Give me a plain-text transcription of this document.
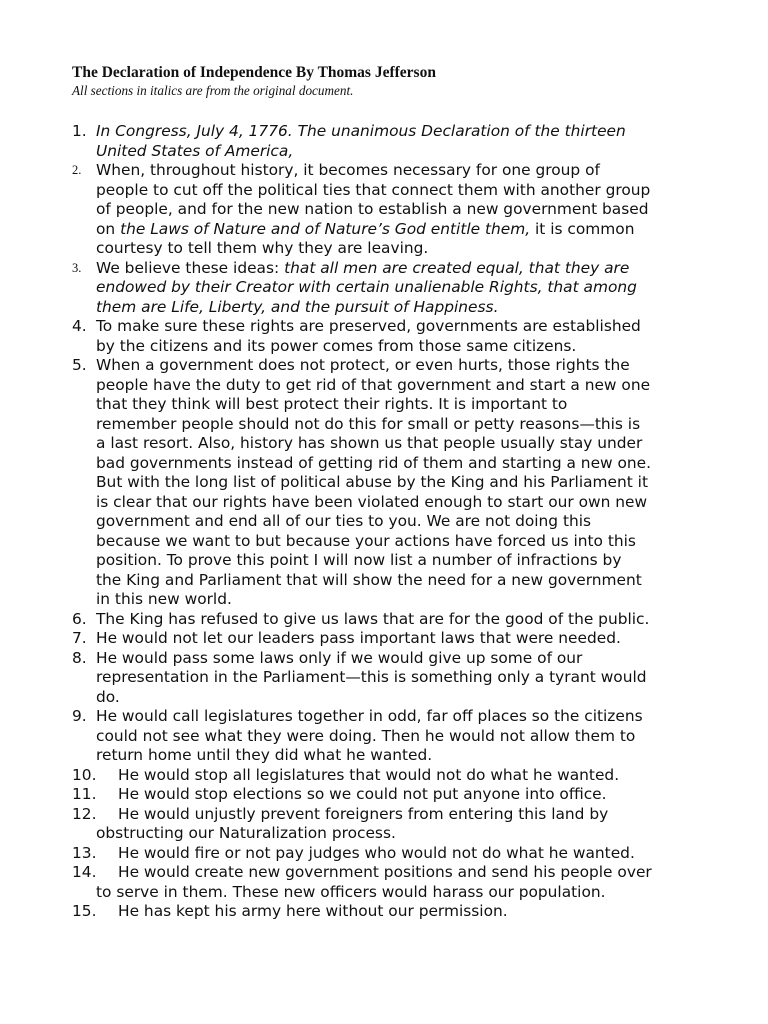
The Declaration of Independence By Thomas Jefferson
All sections in italics are from the original document.
1. In Congress, July 4, 1776. The unanimous Declaration of the thirteen
United States of America,
2. When, throughout history, it becomes necessary for one group of
people to cut off the political ties that connect them with another group
of people, and for the new nation to establish a new government based
on the Laws of Nature and of Nature’s God entitle them, it is common
courtesy to tell them why they are leaving.
3. We believe these ideas: that all men are created equal, that they are
endowed by their Creator with certain unalienable Rights, that among
them are Life, Liberty, and the pursuit of Happiness.
4. To make sure these rights are preserved, governments are established
by the citizens and its power comes from those same citizens.
5. When a government does not protect, or even hurts, those rights the
people have the duty to get rid of that government and start a new one
that they think will best protect their rights. It is important to
remember people should not do this for small or petty reasons—this is
a last resort. Also, history has shown us that people usually stay under
bad governments instead of getting rid of them and starting a new one.
But with the long list of political abuse by the King and his Parliament it
is clear that our rights have been violated enough to start our own new
government and end all of our ties to you. We are not doing this
because we want to but because your actions have forced us into this
position. To prove this point I will now list a number of infractions by
the King and Parliament that will show the need for a new government
in this new world.
6. The King has refused to give us laws that are for the good of the public.
7. He would not let our leaders pass important laws that were needed.
8. He would pass some laws only if we would give up some of our
representation in the Parliament—this is something only a tyrant would
do.
9. He would call legislatures together in odd, far off places so the citizens
could not see what they were doing. Then he would not allow them to
return home until they did what he wanted.
10.	He would stop all legislatures that would not do what he wanted.
11.	He would stop elections so we could not put anyone into office.
12.	He would unjustly prevent foreigners from entering this land by
obstructing our Naturalization process.
13.	He would fire or not pay judges who would not do what he wanted.
14.	He would create new government positions and send his people over
to serve in them. These new officers would harass our population.
15.	He has kept his army here without our permission.
